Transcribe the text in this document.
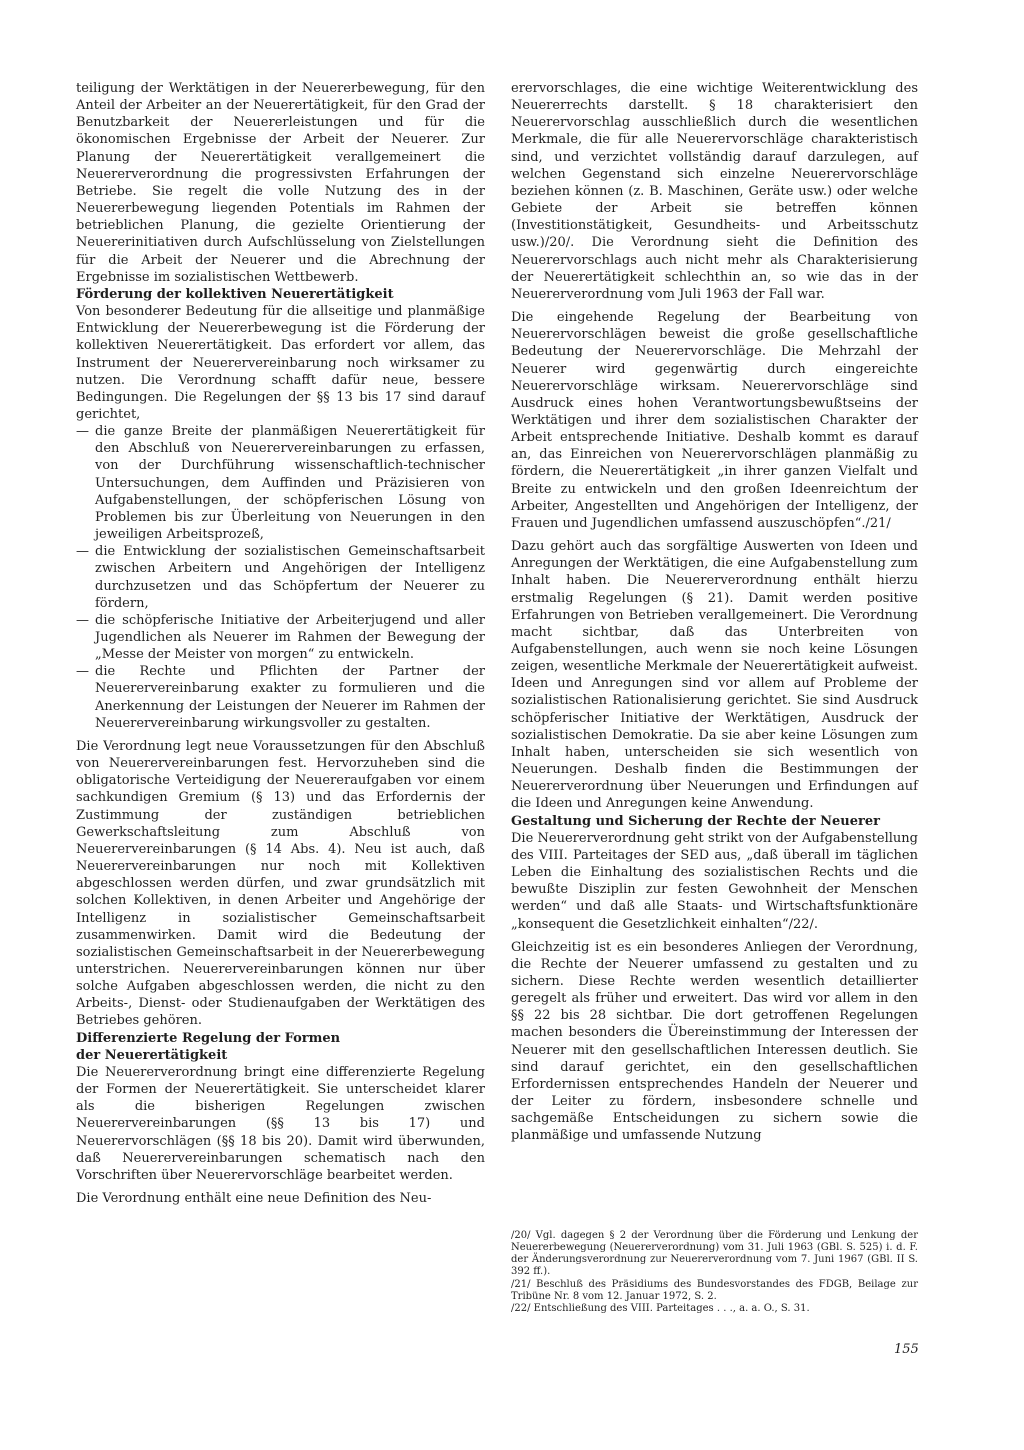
teiligung der Werktätigen in der Neuererbewegung, für den Anteil der Arbeiter an der Neuerertätigkeit, für den Grad der Benutzbarkeit der Neuererleistungen und für die ökonomischen Ergebnisse der Arbeit der Neuerer. Zur Planung der Neuerertätigkeit verallgemeinert die Neuererverordnung die progressivsten Erfahrungen der Betriebe. Sie regelt die volle Nutzung des in der Neuererbewegung liegenden Potentials im Rahmen der betrieblichen Planung, die gezielte Orientierung der Neuererinitiativen durch Aufschlüsselung von Zielstellungen für die Arbeit der Neuerer und die Abrechnung der Ergebnisse im sozialistischen Wettbewerb.

Förderung der kollektiven Neuerertätigkeit

Von besonderer Bedeutung für die allseitige und planmäßige Entwicklung der Neuererbewegung ist die Förderung der kollektiven Neuerertätigkeit. Das erfordert vor allem, das Instrument der Neuerervereinbarung noch wirksamer zu nutzen. Die Verordnung schafft dafür neue, bessere Bedingungen. Die Regelungen der §§ 13 bis 17 sind darauf gerichtet,

— die ganze Breite der planmäßigen Neuerertätigkeit für den Abschluß von Neuerervereinbarungen zu erfassen, von der Durchführung wissenschaftlich-technischer Untersuchungen, dem Auffinden und Präzisieren von Aufgabenstellungen, der schöpferischen Lösung von Problemen bis zur Überleitung von Neuerungen in den jeweiligen Arbeitsprozeß,
— die Entwicklung der sozialistischen Gemeinschaftsarbeit zwischen Arbeitern und Angehörigen der Intelligenz durchzusetzen und das Schöpfertum der Neuerer zu fördern,
— die schöpferische Initiative der Arbeiterjugend und aller Jugendlichen als Neuerer im Rahmen der Bewegung der „Messe der Meister von morgen“ zu entwickeln.
— die Rechte und Pflichten der Partner der Neuerervereinbarung exakter zu formulieren und die Anerkennung der Leistungen der Neuerer im Rahmen der Neuerervereinbarung wirkungsvoller zu gestalten.

Die Verordnung legt neue Voraussetzungen für den Abschluß von Neuerervereinbarungen fest. Hervorzuheben sind die obligatorische Verteidigung der Neuereraufgaben vor einem sachkundigen Gremium (§ 13) und das Erfordernis der Zustimmung der zuständigen betrieblichen Gewerkschaftsleitung zum Abschluß von Neuerervereinbarungen (§ 14 Abs. 4). Neu ist auch, daß Neuerervereinbarungen nur noch mit Kollektiven abgeschlossen werden dürfen, und zwar grundsätzlich mit solchen Kollektiven, in denen Arbeiter und Angehörige der Intelligenz in sozialistischer Gemeinschaftsarbeit zusammenwirken. Damit wird die Bedeutung der sozialistischen Gemeinschaftsarbeit in der Neuererbewegung unterstrichen. Neuerervereinbarungen können nur über solche Aufgaben abgeschlossen werden, die nicht zu den Arbeits-, Dienst- oder Studienaufgaben der Werktätigen des Betriebes gehören.

Differenzierte Regelung der Formen
der Neuerertätigkeit

Die Neuererverordnung bringt eine differenzierte Regelung der Formen der Neuerertätigkeit. Sie unterscheidet klarer als die bisherigen Regelungen zwischen Neuerervereinbarungen (§§ 13 bis 17) und Neuerervorschlägen (§§ 18 bis 20). Damit wird überwunden, daß Neuerervereinbarungen schematisch nach den Vorschriften über Neuerervorschläge bearbeitet werden.

Die Verordnung enthält eine neue Definition des Neu-

erervorschlages, die eine wichtige Weiterentwicklung des Neuererrechts darstellt. § 18 charakterisiert den Neuerervorschlag ausschließlich durch die wesentlichen Merkmale, die für alle Neuerervorschläge charakteristisch sind, und verzichtet vollständig darauf darzulegen, auf welchen Gegenstand sich einzelne Neuerervorschläge beziehen können (z. B. Maschinen, Geräte usw.) oder welche Gebiete der Arbeit sie betreffen können (Investitionstätigkeit, Gesundheits- und Arbeitsschutz usw.)/20/. Die Verordnung sieht die Definition des Neuerervorschlags auch nicht mehr als Charakterisierung der Neuerertätigkeit schlechthin an, so wie das in der Neuererverordnung vom Juli 1963 der Fall war.

Die eingehende Regelung der Bearbeitung von Neuerervorschlägen beweist die große gesellschaftliche Bedeutung der Neuerervorschläge. Die Mehrzahl der Neuerer wird gegenwärtig durch eingereichte Neuerervorschläge wirksam. Neuerervorschläge sind Ausdruck eines hohen Verantwortungsbewußtseins der Werktätigen und ihrer dem sozialistischen Charakter der Arbeit entsprechende Initiative. Deshalb kommt es darauf an, das Einreichen von Neuerervorschlägen planmäßig zu fördern, die Neuerertätigkeit „in ihrer ganzen Vielfalt und Breite zu entwickeln und den großen Ideenreichtum der Arbeiter, Angestellten und Angehörigen der Intelligenz, der Frauen und Jugendlichen umfassend auszuschöpfen“./21/

Dazu gehört auch das sorgfältige Auswerten von Ideen und Anregungen der Werktätigen, die eine Aufgabenstellung zum Inhalt haben. Die Neuererverordnung enthält hierzu erstmalig Regelungen (§ 21). Damit werden positive Erfahrungen von Betrieben verallgemeinert. Die Verordnung macht sichtbar, daß das Unterbreiten von Aufgabenstellungen, auch wenn sie noch keine Lösungen zeigen, wesentliche Merkmale der Neuerertätigkeit aufweist. Ideen und Anregungen sind vor allem auf Probleme der sozialistischen Rationalisierung gerichtet. Sie sind Ausdruck schöpferischer Initiative der Werktätigen, Ausdruck der sozialistischen Demokratie. Da sie aber keine Lösungen zum Inhalt haben, unterscheiden sie sich wesentlich von Neuerungen. Deshalb finden die Bestimmungen der Neuererverordnung über Neuerungen und Erfindungen auf die Ideen und Anregungen keine Anwendung.

Gestaltung und Sicherung der Rechte der Neuerer

Die Neuererverordnung geht strikt von der Aufgabenstellung des VIII. Parteitages der SED aus, „daß überall im täglichen Leben die Einhaltung des sozialistischen Rechts und die bewußte Disziplin zur festen Gewohnheit der Menschen werden“ und daß alle Staats- und Wirtschaftsfunktionäre „konsequent die Gesetzlichkeit einhalten“/22/.

Gleichzeitig ist es ein besonderes Anliegen der Verordnung, die Rechte der Neuerer umfassend zu gestalten und zu sichern. Diese Rechte werden wesentlich detaillierter geregelt als früher und erweitert. Das wird vor allem in den §§ 22 bis 28 sichtbar. Die dort getroffenen Regelungen machen besonders die Übereinstimmung der Interessen der Neuerer mit den gesellschaftlichen Interessen deutlich. Sie sind darauf gerichtet, ein den gesellschaftlichen Erfordernissen entsprechendes Handeln der Neuerer und der Leiter zu fördern, insbesondere schnelle und sachgemäße Entscheidungen zu sichern sowie die planmäßige und umfassende Nutzung

/20/ Vgl. dagegen § 2 der Verordnung über die Förderung und Lenkung der Neuererbewegung (Neuererverordnung) vom 31. Juli 1963 (GBl. S. 525) i. d. F. der Änderungsverordnung zur Neuererverordnung vom 7. Juni 1967 (GBl. II S. 392 ff.).

/21/ Beschluß des Präsidiums des Bundesvorstandes des FDGB, Beilage zur Tribüne Nr. 8 vom 12. Januar 1972, S. 2.

/22/ Entschließung des VIII. Parteitages . . ., a. a. O., S. 31.

155
